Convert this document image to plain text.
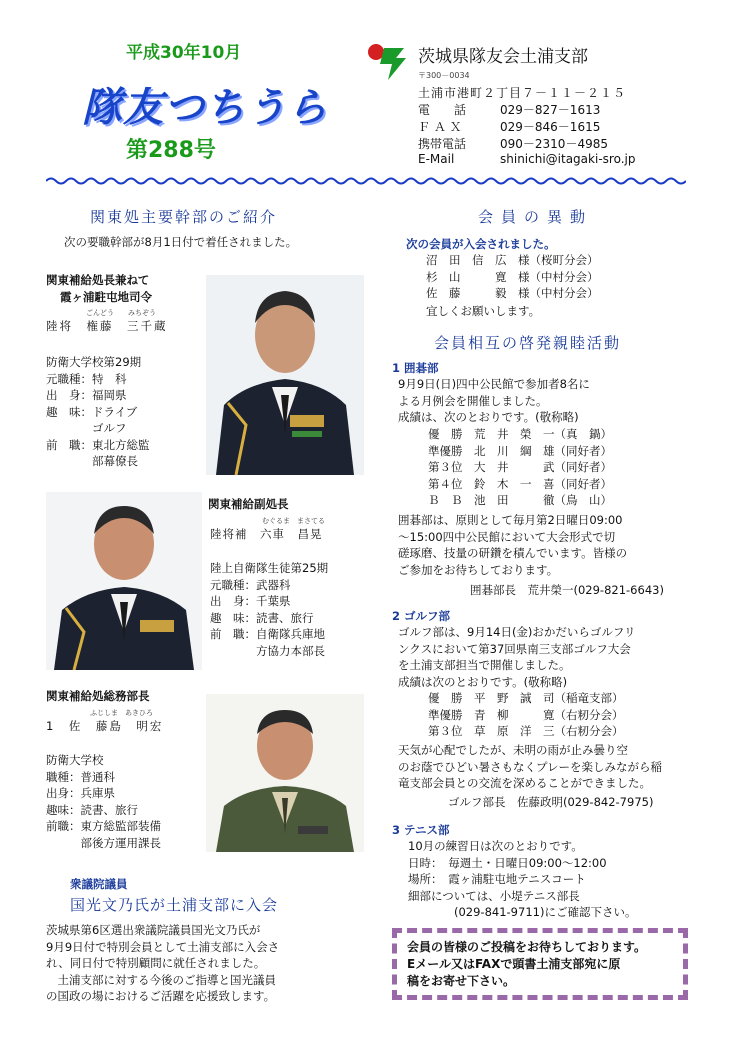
平成30年10月
隊友つちうら
第288号
茨城県隊友会土浦支部
〒300－0034
土浦市港町２丁目７－１１－２１５
電　　話	029－827－1613
Ｆ Ａ Ｘ	029－846－1615
携帯電話	090－2310－4985
E-Mail	shinichi@itagaki-sro.jp
関東処主要幹部のご紹介
次の要職幹部が8月1日付で着任されました。
関東補給処長兼ねて
霞ヶ浦駐屯地司令
ごんどう　　みちぞう
陸将　権藤　三千蔵
防衛大学校第29期
元職種：特　科
出　身：福岡県
趣　味：ドライブ
　　　　ゴルフ
前　職：東北方総監
　　　　部幕僚長
関東補給副処長
むぐるま　まさてる
陸将補　六車　昌晃
陸上自衛隊生徒第25期
元職種：武器科
出　身：千葉県
趣　味：読書、旅行
前　職：自衛隊兵庫地
　　　　方協力本部長
関東補給処総務部長
ふじしま　あきひろ
1　佐　藤島　明宏
防衛大学校
職種：普通科
出身：兵庫県
趣味：読書、旅行
前職：東方総監部装備
　　　部後方運用課長
衆議院議員
国光文乃氏が土浦支部に入会
茨城県第6区選出衆議院議員国光文乃氏が
9月9日付で特別会員として土浦支部に入会さ
れ、同日付で特別顧問に就任されました。
　土浦支部に対する今後のご指導と国光議員
の国政の場におけるご活躍を応援致します。
会員の異動
次の会員が入会されました。
沼　田　信　広　様（桜町分会）
杉　山　　　寛　様（中村分会）
佐　藤　　　毅　様（中村分会）
宜しくお願いします。
会員相互の啓発親睦活動
1 囲碁部
9月9日(日)四中公民館で参加者8名に
よる月例会を開催しました。
成績は、次のとおりです。(敬称略)
優　勝　荒　井　榮　一（真　鍋）
準優勝　北　川　綱　雄（同好者）
第３位　大　井　　　武（同好者）
第４位　鈴　木　一　喜（同好者）
Ｂ　Ｂ　池　田　　　徹（鳥　山）
囲碁部は、原則として毎月第2日曜日09:00
～15:00四中公民館において大会形式で切
磋琢磨、技量の研鑽を積んでいます。皆様の
ご参加をお待ちしております。
囲碁部長　荒井榮一(029-821-6643)
2 ゴルフ部
ゴルフ部は、9月14日(金)おかだいらゴルフリ
ンクスにおいて第37回県南三支部ゴルフ大会
を土浦支部担当で開催しました。
成績は次のとおりです。(敬称略)
優　勝　平　野　誠　司（稲竜支部）
準優勝　青　柳　　　寛（右籾分会）
第３位　草　原　洋　三（右籾分会）
天気が心配でしたが、未明の雨が止み曇り空
のお蔭でひどい暑さもなくプレーを楽しみながら稲
竜支部会員との交流を深めることができました。
ゴルフ部長　佐藤政明(029-842-7975)
3 テニス部
10月の練習日は次のとおりです。
日時：　毎週土・日曜日09:00～12:00
場所：　霞ヶ浦駐屯地テニスコート
細部については、小堤テニス部長
　　　　(029-841-9711)にご確認下さい。
会員の皆様のご投稿をお待ちしております。
Eメール又はFAXで頭書土浦支部宛に原
稿をお寄せ下さい。
